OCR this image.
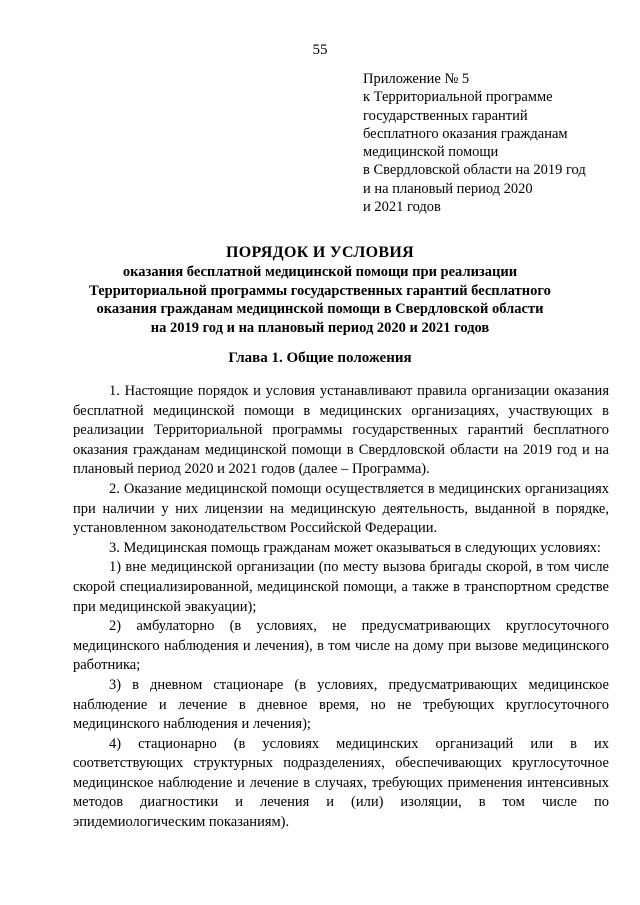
55
Приложение № 5
к Территориальной программе
государственных гарантий
бесплатного оказания гражданам
медицинской помощи
в Свердловской области на 2019 год
и на плановый период 2020
и 2021 годов
ПОРЯДОК И УСЛОВИЯ
оказания бесплатной медицинской помощи при реализации
Территориальной программы государственных гарантий бесплатного
оказания гражданам медицинской помощи в Свердловской области
на 2019 год и на плановый период 2020 и 2021 годов
Глава 1. Общие положения

1. Настоящие порядок и условия устанавливают правила организации оказания бесплатной медицинской помощи в медицинских организациях, участвующих в реализации Территориальной программы государственных гарантий бесплатного оказания гражданам медицинской помощи в Свердловской области на 2019 год и на плановый период 2020 и 2021 годов (далее – Программа).

2. Оказание медицинской помощи осуществляется в медицинских организациях при наличии у них лицензии на медицинскую деятельность, выданной в порядке, установленном законодательством Российской Федерации.

3. Медицинская помощь гражданам может оказываться в следующих условиях:

1) вне медицинской организации (по месту вызова бригады скорой, в том числе скорой специализированной, медицинской помощи, а также в транспортном средстве при медицинской эвакуации);

2) амбулаторно (в условиях, не предусматривающих круглосуточного медицинского наблюдения и лечения), в том числе на дому при вызове медицинского работника;

3) в дневном стационаре (в условиях, предусматривающих медицинское наблюдение и лечение в дневное время, но не требующих круглосуточного медицинского наблюдения и лечения);

4) стационарно (в условиях медицинских организаций или в их соответствующих структурных подразделениях, обеспечивающих круглосуточное медицинское наблюдение и лечение в случаях, требующих применения интенсивных методов диагностики и лечения и (или) изоляции, в том числе по эпидемиологическим показаниям).
